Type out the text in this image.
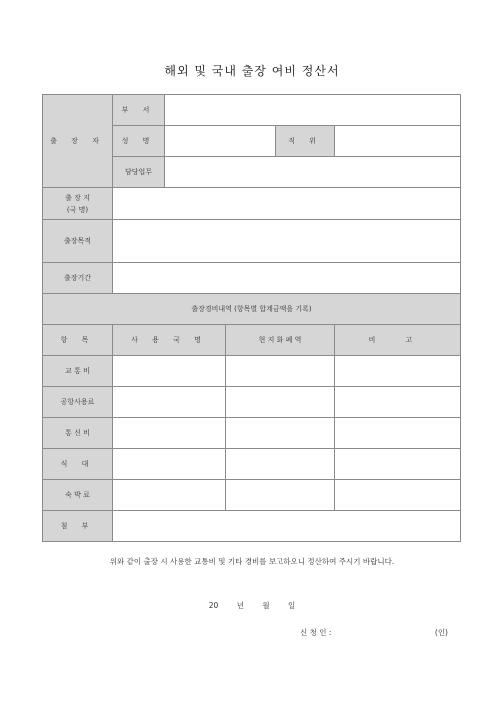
해외 및 국내 출장 여비 정산서
출 장 자	부 서				
	성 명			직 위	
	담당업무				

출 장 지
(국 명)					

출장목적					
출장기간					
출장경비내역 (항목별 합계금액을 기록)					
항 목	사 용 국 명		현 지 화 폐 역		비 고
교 통 비					
공항사용료					
통 신 비					
식 대					
숙 박 료					
첨 부					
위와 같이 출장 시 사용한 교통비 및 기타 경비를 보고하오니 정산하여 주시기 바랍니다.
20 년 월 일
신 청 인 :	(인)
